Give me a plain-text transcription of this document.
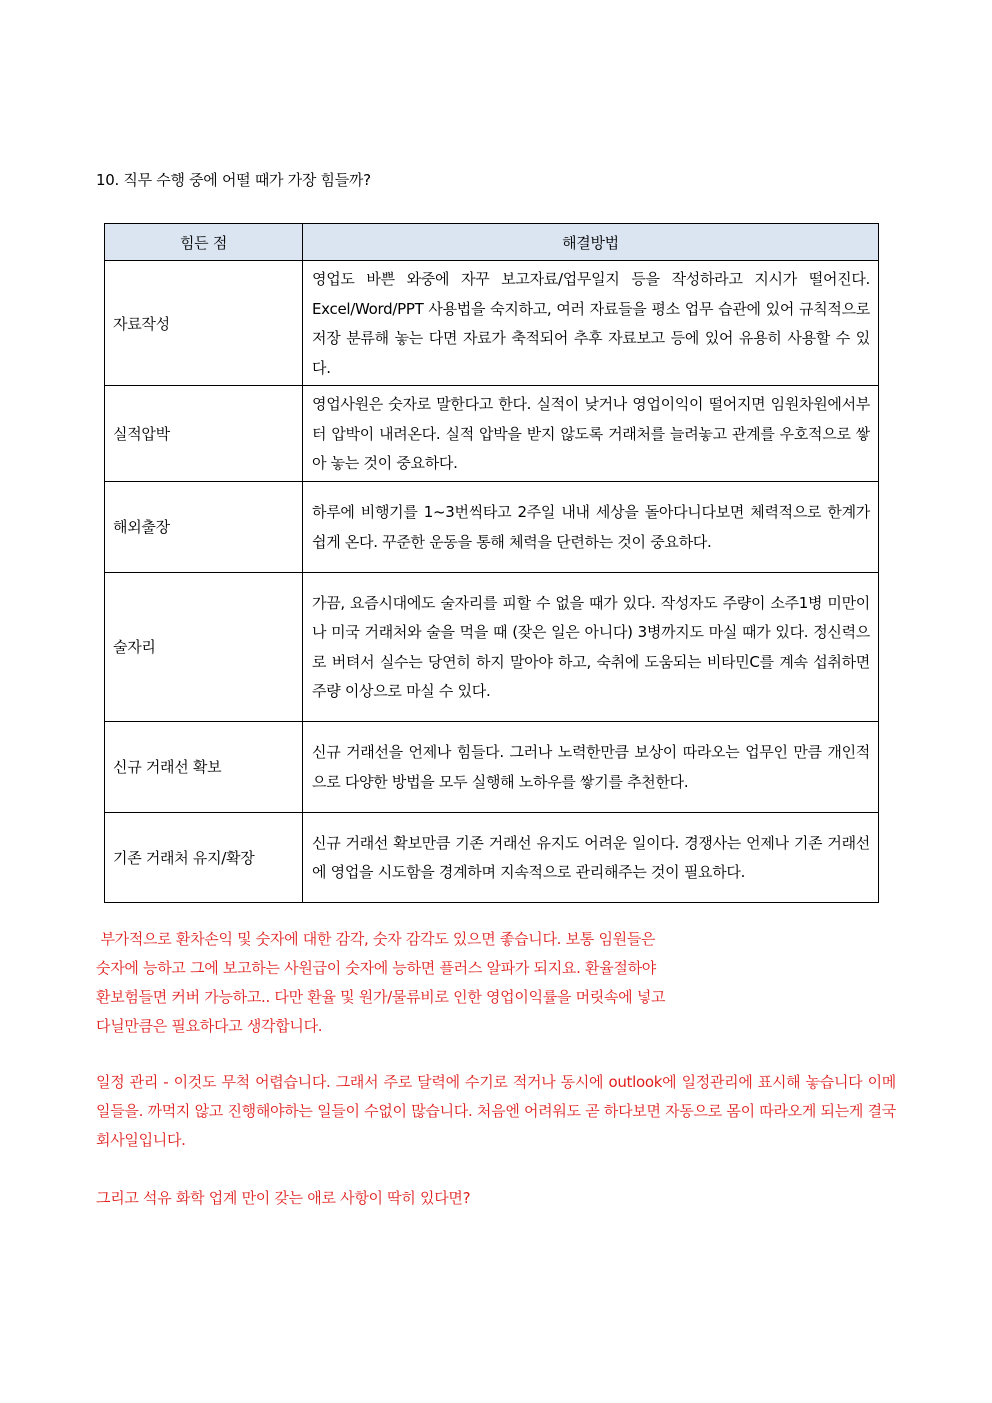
10. 직무 수행 중에 어떨 때가 가장 힘들까?
힘든 점	해결방법
자료작성	영업도 바쁜 와중에 자꾸 보고자료/업무일지 등을 작성하라고 지시가 떨어진다. Excel/Word/PPT 사용법을 숙지하고, 여러 자료들을 평소 업무 습관에 있어 규칙적으로 저장 분류해 놓는 다면 자료가 축적되어 추후 자료보고 등에 있어 유용히 사용할 수 있다.
실적압박	영업사원은 숫자로 말한다고 한다. 실적이 낮거나 영업이익이 떨어지면 임원차원에서부터 압박이 내려온다. 실적 압박을 받지 않도록 거래처를 늘려놓고 관계를 우호적으로 쌓아 놓는 것이 중요하다.
해외출장	하루에 비행기를 1~3번씩타고 2주일 내내 세상을 돌아다니다보면 체력적으로 한계가 쉽게 온다. 꾸준한 운동을 통해 체력을 단련하는 것이 중요하다.
술자리	가끔, 요즘시대에도 술자리를 피할 수 없을 때가 있다. 작성자도 주량이 소주1병 미만이나 미국 거래처와 술을 먹을 때 (잦은 일은 아니다) 3병까지도 마실 때가 있다. 정신력으로 버텨서 실수는 당연히 하지 말아야 하고, 숙취에 도움되는 비타민C를 계속 섭취하면 주량 이상으로 마실 수 있다.
신규 거래선 확보	신규 거래선을 언제나 힘들다. 그러나 노력한만큼 보상이 따라오는 업무인 만큼 개인적으로 다양한 방법을 모두 실행해 노하우를 쌓기를 추천한다.
기존 거래처 유지/확장	신규 거래선 확보만큼 기존 거래선 유지도 어려운 일이다. 경쟁사는 언제나 기존 거래선에 영업을 시도함을 경계하며 지속적으로 관리해주는 것이 필요하다.

부가적으로 환차손익 및 숫자에 대한 감각, 숫자 감각도 있으면 좋습니다. 보통 임원들은

숫자에 능하고 그에 보고하는 사원급이 숫자에 능하면 플러스 알파가 되지요. 환율절하야

환보험들면 커버 가능하고.. 다만 환율 및 원가/물류비로 인한 영업이익률을 머릿속에 넣고

다닐만큼은 필요하다고 생각합니다.

일정 관리 - 이것도 무척 어렵습니다. 그래서 주로 달력에 수기로 적거나 동시에 outlook에 일정관리에 표시해 놓습니다 이메일들을. 까먹지 않고 진행해야하는 일들이 수없이 많습니다. 처음엔 어려워도 곧 하다보면 자동으로 몸이 따라오게 되는게 결국 회사일입니다.
그리고 석유 화학 업계 만이 갖는 애로 사항이 딱히 있다면?
